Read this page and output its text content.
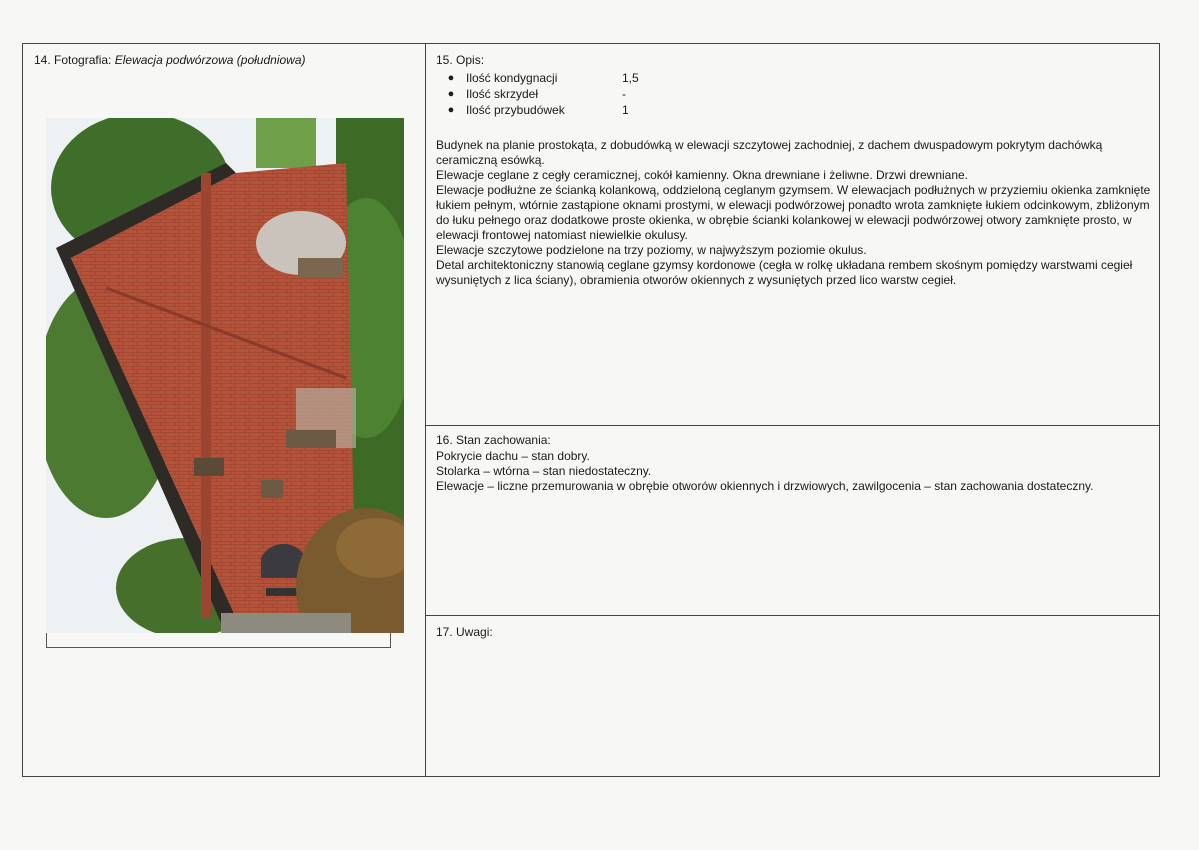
14. Fotografia: Elewacja podwórzowa (południowa)	15. Opis:
● Ilość kondygnacji	1,5
● Ilość skrzydeł	-
● Ilość przybudówek	1

Budynek na planie prostokąta, z dobudówką w elewacji szczytowej zachodniej, z dachem dwuspadowym pokrytym dachówką ceramiczną esówką.

Elewacje ceglane z cegły ceramicznej, cokół kamienny. Okna drewniane i żeliwne. Drzwi drewniane.

Elewacje podłużne ze ścianką kolankową, oddzieloną ceglanym gzymsem. W elewacjach podłużnych w przyziemiu okienka zamknięte łukiem pełnym, wtórnie zastąpione oknami prostymi, w elewacji podwórzowej ponadto wrota zamknięte łukiem odcinkowym, zbliżonym do łuku pełnego oraz dodatkowe proste okienka, w obrębie ścianki kolankowej w elewacji podwórzowej otwory zamknięte prosto, w elewacji frontowej natomiast niewielkie okulusy.

Elewacje szczytowe podzielone na trzy poziomy, w najwyższym poziomie okulus.

Detal architektoniczny stanowią ceglane gzymsy kordonowe (cegła w rolkę układana rembem skośnym pomiędzy warstwami cegieł wysuniętych z lica ściany), obramienia otworów okiennych z wysuniętych przed lico warstw cegieł.

16. Stan zachowania:

Pokrycie dachu – stan dobry.

Stolarka – wtórna – stan niedostateczny.

Elewacje – liczne przemurowania w obrębie otworów okiennych i drzwiowych, zawilgocenia – stan zachowania dostateczny.

17. Uwagi:
